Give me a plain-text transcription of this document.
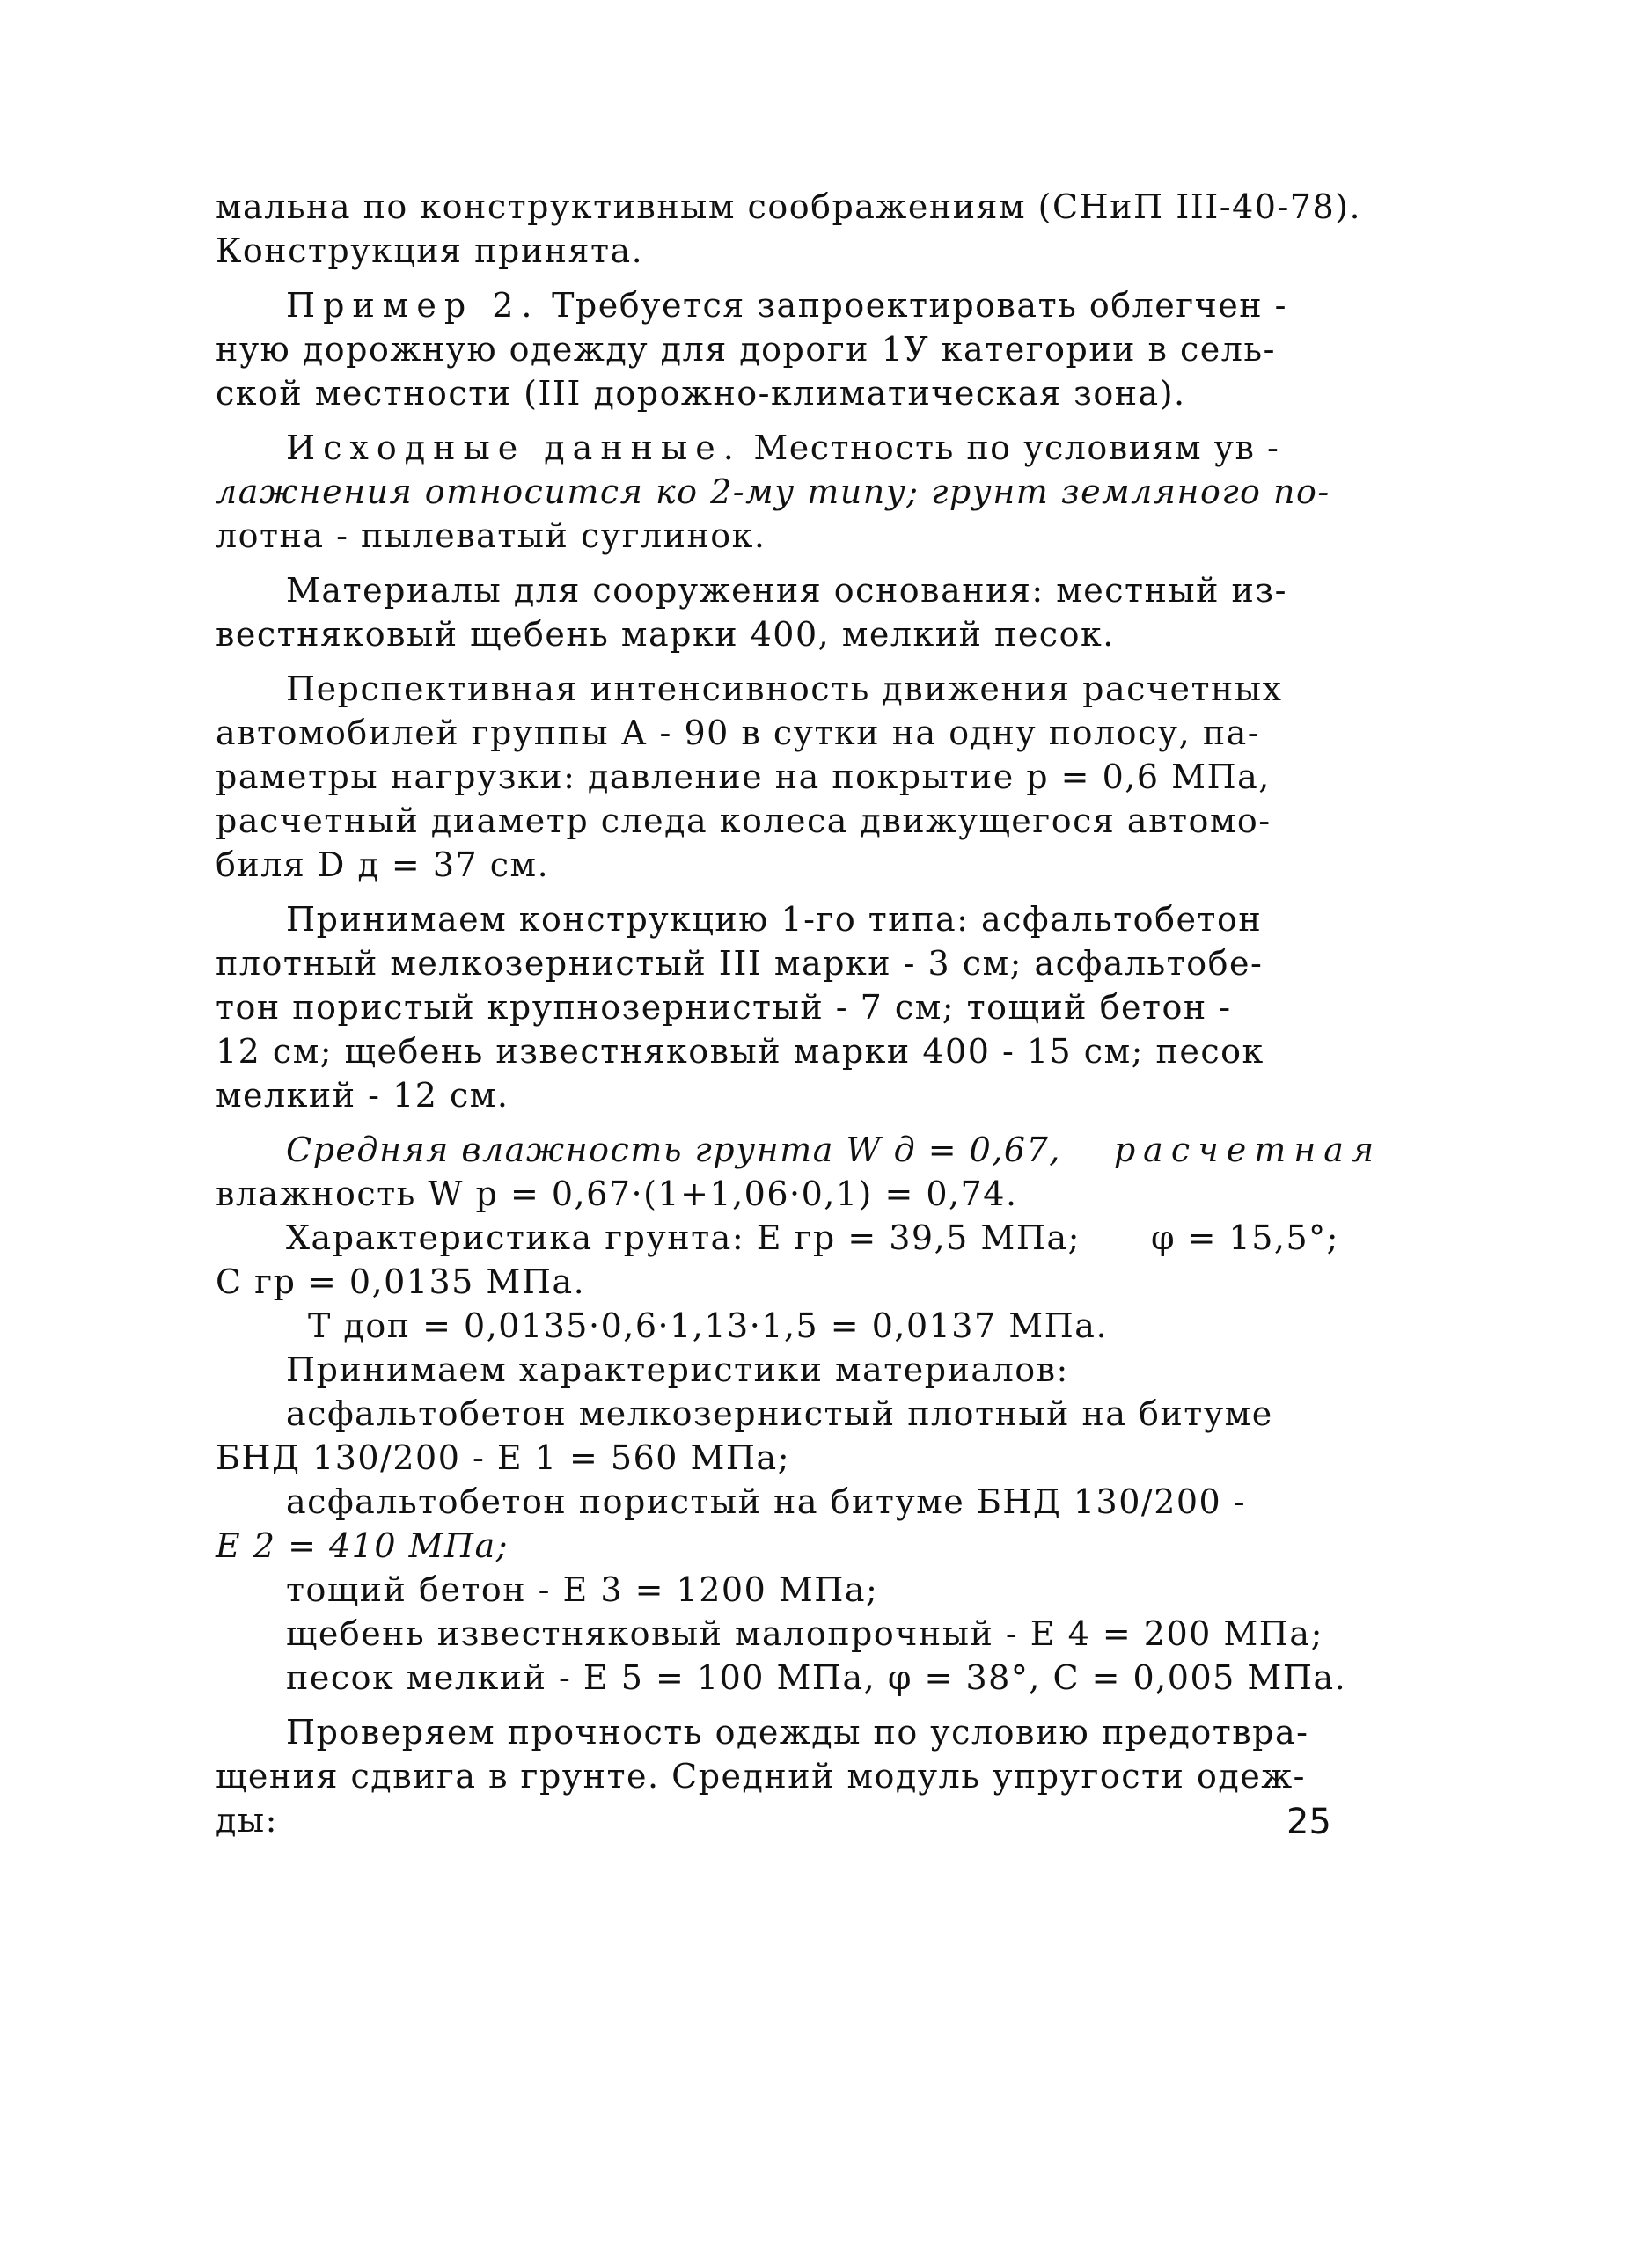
мальна по конструктивным соображениям (СНиП III-40-78).
Конструкция принята.
Пример 2. Требуется запроектировать облегчен -
ную дорожную одежду для дороги 1У категории в сель-
ской местности (III дорожно-климатическая зона).
Исходные данные. Местность по условиям ув -
лажнения относится ко 2-му типу; грунт земляного по-
лотна - пылеватый суглинок.
Материалы для сооружения основания: местный из-
вестняковый щебень марки 400, мелкий песок.
Перспективная интенсивность движения расчетных
автомобилей группы А - 90 в сутки на одну полосу, па-
раметры нагрузки: давление на покрытие р = 0,6 МПа,
расчетный диаметр следа колеса движущегося автомо-
биля D д = 37 см.
Принимаем конструкцию 1-го типа: асфальтобетон
плотный мелкозернистый III марки - 3 см; асфальтобе-
тон пористый крупнозернистый - 7 см; тощий бетон -
12 см; щебень известняковый марки 400 - 15 см; песок
мелкий - 12 см.
Средняя влажность грунта W д = 0,67, расчетная
влажность W р = 0,67·(1+1,06·0,1) = 0,74.
Характеристика грунта: Е гр = 39,5 МПа; φ = 15,5°;
С гр = 0,0135 МПа.
Т доп = 0,0135·0,6·1,13·1,5 = 0,0137 МПа.
Принимаем характеристики материалов:
асфальтобетон мелкозернистый плотный на битуме
БНД 130/200 - Е 1 = 560 МПа;
асфальтобетон пористый на битуме БНД 130/200 -
Е 2 = 410 МПа;
тощий бетон - Е 3 = 1200 МПа;
щебень известняковый малопрочный - Е 4 = 200 МПа;
песок мелкий - Е 5 = 100 МПа, φ = 38°, С = 0,005 МПа.
Проверяем прочность одежды по условию предотвра-
щения сдвига в грунте. Средний модуль упругости одеж-
ды:	25
